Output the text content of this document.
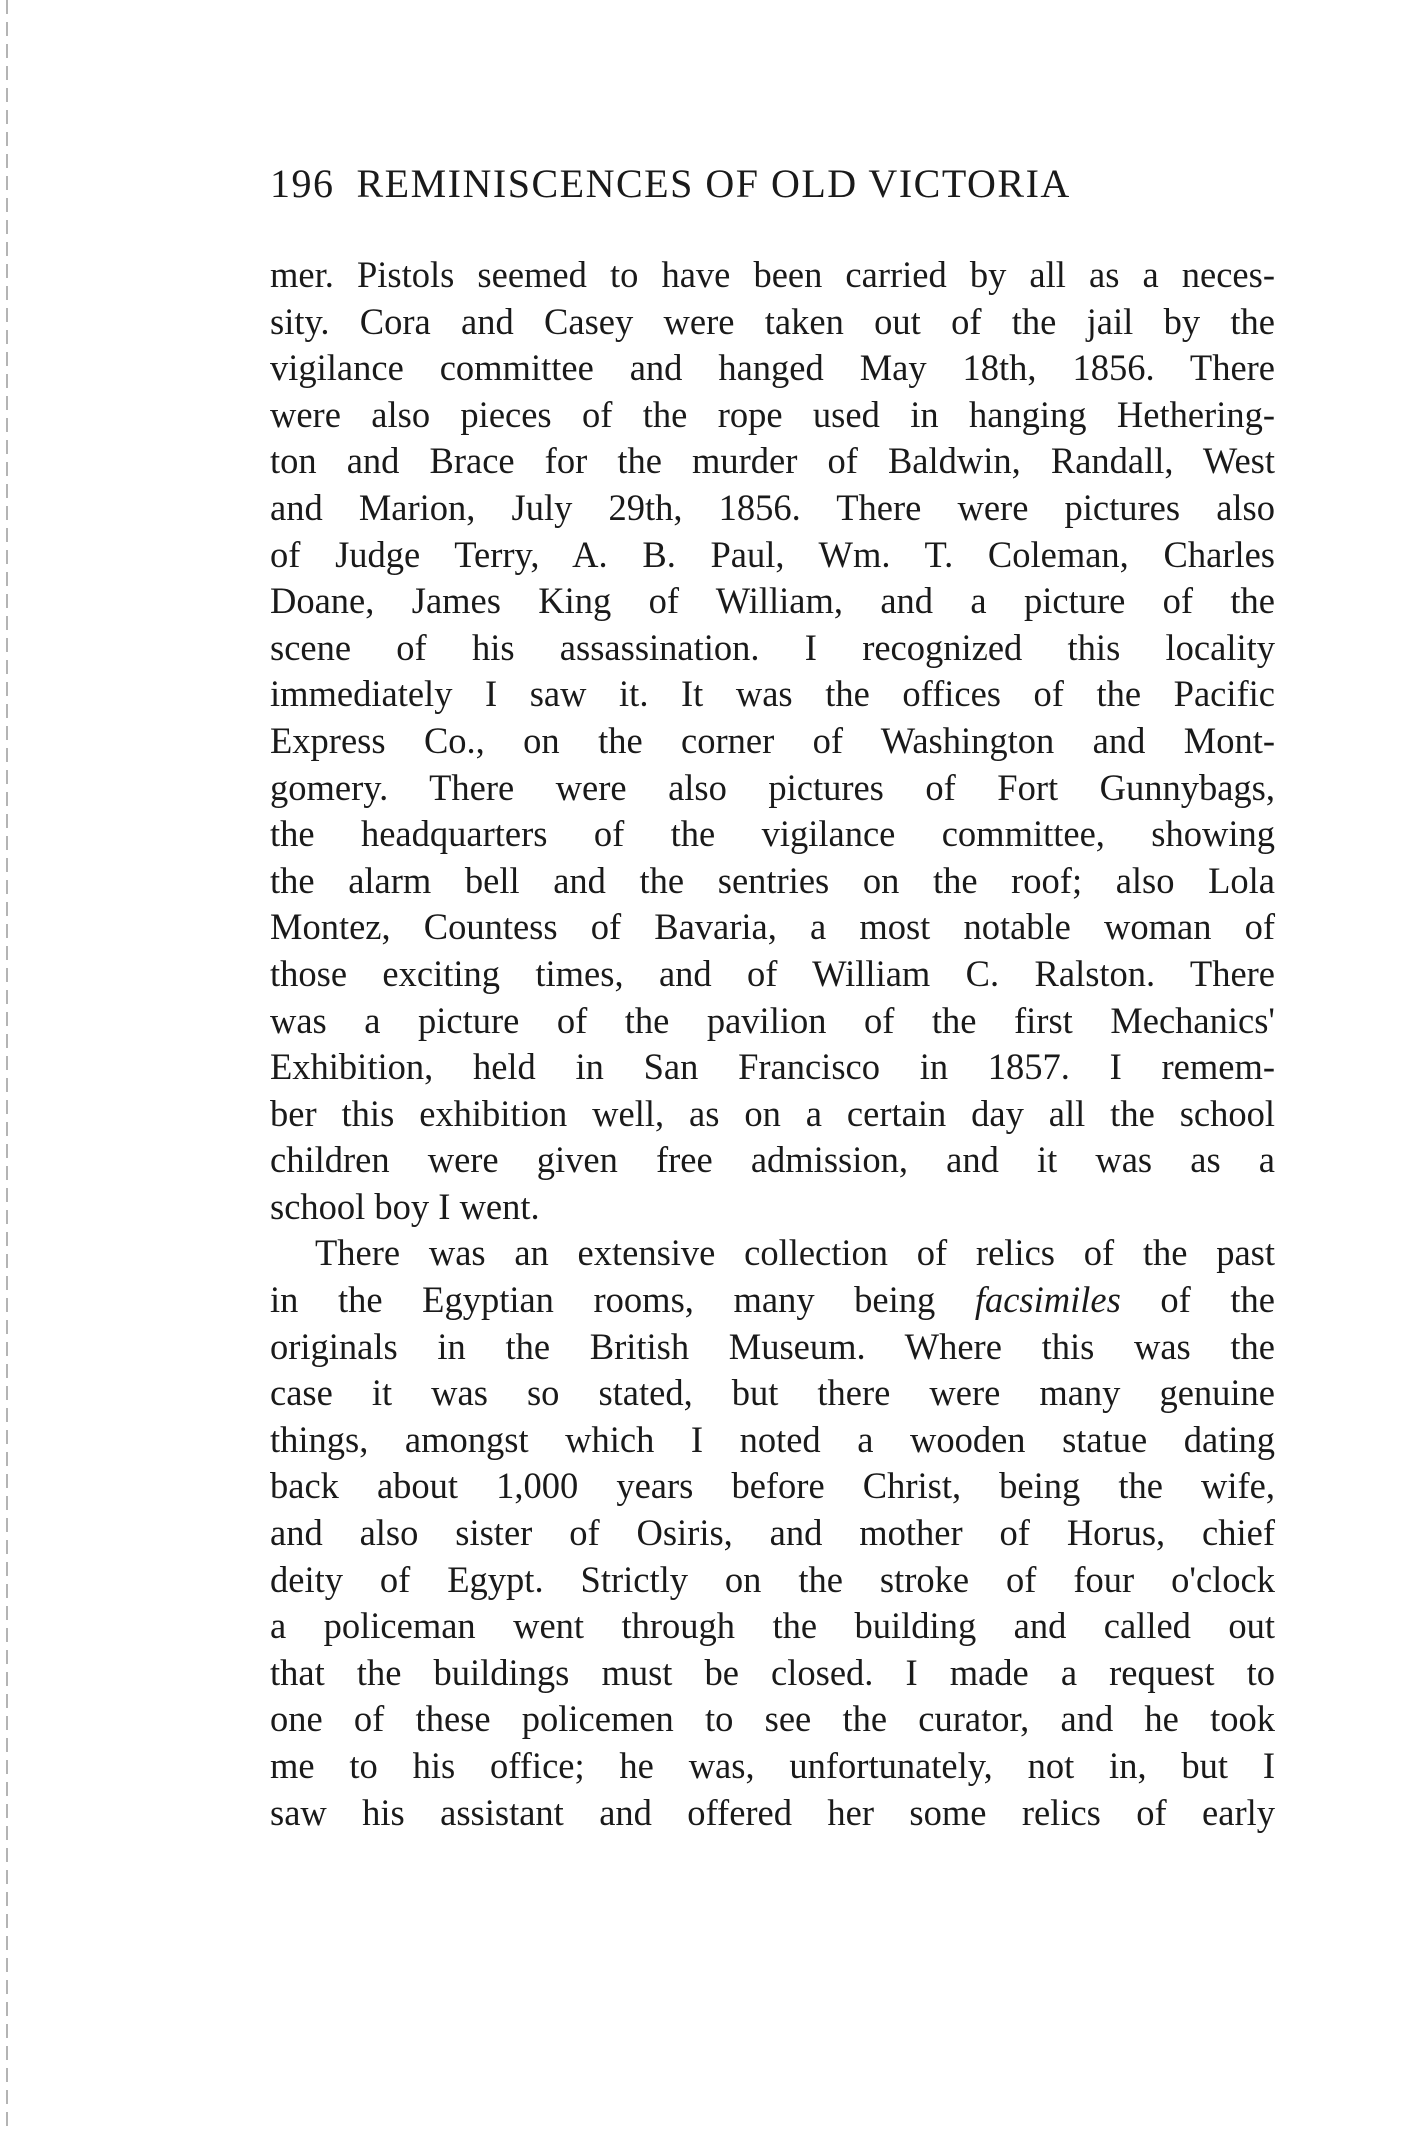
196 REMINISCENCES OF OLD VICTORIA
mer. Pistols seemed to have been carried by all as a neces-
sity. Cora and Casey were taken out of the jail by the
vigilance committee and hanged May 18th, 1856. There
were also pieces of the rope used in hanging Hethering-
ton and Brace for the murder of Baldwin, Randall, West
and Marion, July 29th, 1856. There were pictures also
of Judge Terry, A. B. Paul, Wm. T. Coleman, Charles
Doane, James King of William, and a picture of the
scene of his assassination. I recognized this locality
immediately I saw it. It was the offices of the Pacific
Express Co., on the corner of Washington and Mont-
gomery. There were also pictures of Fort Gunnybags,
the headquarters of the vigilance committee, showing
the alarm bell and the sentries on the roof; also Lola
Montez, Countess of Bavaria, a most notable woman of
those exciting times, and of William C. Ralston. There
was a picture of the pavilion of the first Mechanics'
Exhibition, held in San Francisco in 1857. I remem-
ber this exhibition well, as on a certain day all the school
children were given free admission, and it was as a
school boy I went.
There was an extensive collection of relics of the past
in the Egyptian rooms, many being facsimiles of the
originals in the British Museum. Where this was the
case it was so stated, but there were many genuine
things, amongst which I noted a wooden statue dating
back about 1,000 years before Christ, being the wife,
and also sister of Osiris, and mother of Horus, chief
deity of Egypt. Strictly on the stroke of four o'clock
a policeman went through the building and called out
that the buildings must be closed. I made a request to
one of these policemen to see the curator, and he took
me to his office; he was, unfortunately, not in, but I
saw his assistant and offered her some relics of early
